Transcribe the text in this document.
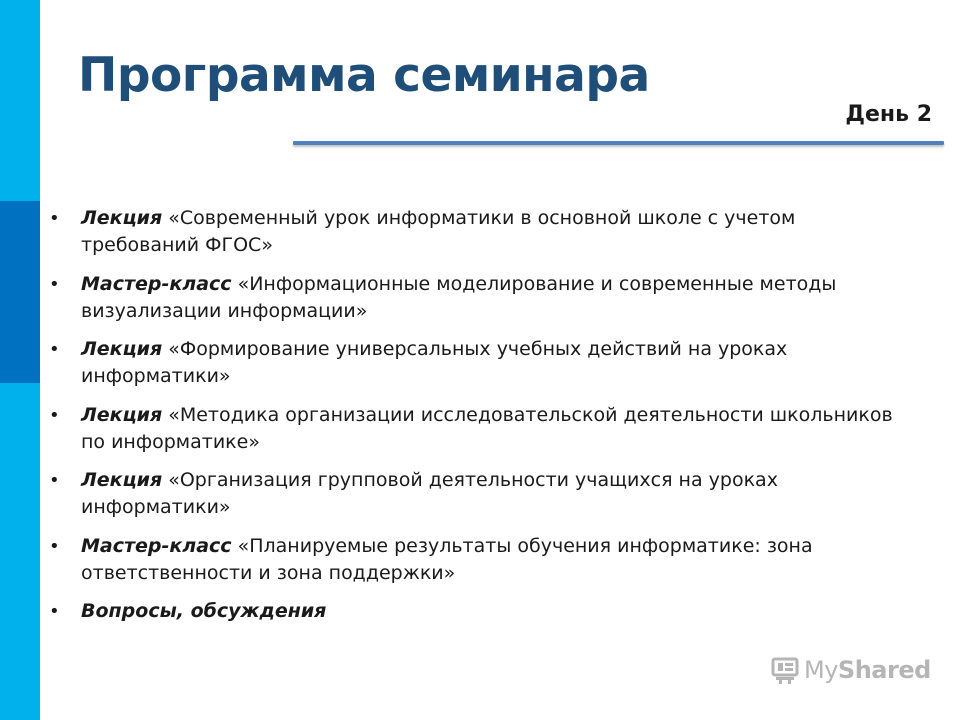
Программа семинара
День 2
• Лекция «Современный урок информатики в основной школе с учетом требований ФГОС»
• Мастер-класс «Информационные моделирование и современные методы визуализации информации»
• Лекция «Формирование универсальных учебных действий на уроках информатики»
• Лекция «Методика организации исследовательской деятельности школьников по информатике»
• Лекция «Организация групповой деятельности учащихся на уроках информатики»
• Мастер-класс «Планируемые результаты обучения информатике: зона ответственности и зона поддержки»
• Вопросы, обсуждения
MyShared
